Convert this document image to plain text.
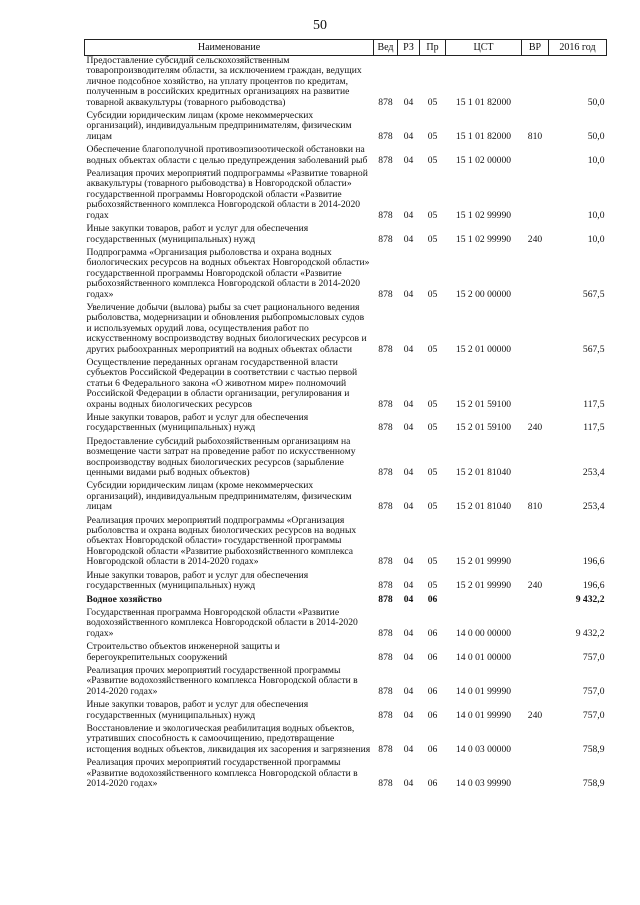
50
Наименование	Вед	РЗ	Пр	ЦСТ	ВР	2016 год
Предоставление субсидий сельскохозяйственным товаропроизводителям области, за исключением граждан, ведущих личное подсобное хозяйство, на уплату процентов по кредитам, полученным в российских кредитных организациях на развитие товарной аквакультуры (товарного рыбоводства)	878	04	05	15 1 01 82000		50,0
Субсидии юридическим лицам (кроме некоммерческих организаций), индивидуальным предпринимателям, физическим лицам	878	04	05	15 1 01 82000	810	50,0
Обеспечение благополучной противоэпизоотической обстановки на водных объектах области с целью предупреждения заболеваний рыб	878	04	05	15 1 02 00000		10,0
Реализация прочих мероприятий подпрограммы «Развитие товарной аквакультуры (товарного рыбоводства) в Новгородской области» государственной программы Новгородской области «Развитие рыбохозяйственного комплекса Новгородской области в 2014-2020 годах	878	04	05	15 1 02 99990		10,0
Иные закупки товаров, работ и услуг для обеспечения государственных (муниципальных) нужд	878	04	05	15 1 02 99990	240	10,0
Подпрограмма «Организация рыболовства и охрана водных биологических ресурсов на водных объектах Новгородской области» государственной программы Новгородской области «Развитие рыбохозяйственного комплекса Новгородской области в 2014-2020 годах»	878	04	05	15 2 00 00000		567,5
Увеличение добычи (вылова) рыбы за счет рационального ведения рыболовства, модернизации и обновления рыбопромысловых судов и используемых орудий лова, осуществления работ по искусственному воспроизводству водных биологических ресурсов и других рыбоохранных мероприятий на водных объектах области	878	04	05	15 2 01 00000		567,5
Осуществление переданных органам государственной власти субъектов Российской Федерации в соответствии с частью первой статьи 6 Федерального закона «О животном мире» полномочий Российской Федерации в области организации, регулирования и охраны водных биологических ресурсов	878	04	05	15 2 01 59100		117,5
Иные закупки товаров, работ и услуг для обеспечения государственных (муниципальных) нужд	878	04	05	15 2 01 59100	240	117,5
Предоставление субсидий рыбохозяйственным организациям на возмещение части затрат на проведение работ по искусственному воспроизводству водных биологических ресурсов (зарыбление ценными видами рыб водных объектов)	878	04	05	15 2 01 81040		253,4
Субсидии юридическим лицам (кроме некоммерческих организаций), индивидуальным предпринимателям, физическим лицам	878	04	05	15 2 01 81040	810	253,4
Реализация прочих мероприятий подпрограммы «Организация рыболовства и охрана водных биологических ресурсов на водных объектах Новгородской области» государственной программы Новгородской области «Развитие рыбохозяйственного комплекса Новгородской области в 2014-2020 годах»	878	04	05	15 2 01 99990		196,6
Иные закупки товаров, работ и услуг для обеспечения государственных (муниципальных) нужд	878	04	05	15 2 01 99990	240	196,6
Водное хозяйство	878	04	06			9 432,2
Государственная программа Новгородской области «Развитие водохозяйственного комплекса Новгородской области в 2014-2020 годах»	878	04	06	14 0 00 00000		9 432,2
Строительство объектов инженерной защиты и берегоукрепительных сооружений	878	04	06	14 0 01 00000		757,0
Реализация прочих мероприятий государственной программы «Развитие водохозяйственного комплекса Новгородской области в 2014-2020 годах»	878	04	06	14 0 01 99990		757,0
Иные закупки товаров, работ и услуг для обеспечения государственных (муниципальных) нужд	878	04	06	14 0 01 99990	240	757,0
Восстановление и экологическая реабилитация водных объектов, утративших способность к самоочищению, предотвращение истощения водных объектов, ликвидация их засорения и загрязнения	878	04	06	14 0 03 00000		758,9
Реализация прочих мероприятий государственной программы «Развитие водохозяйственного комплекса Новгородской области в 2014-2020 годах»	878	04	06	14 0 03 99990		758,9
